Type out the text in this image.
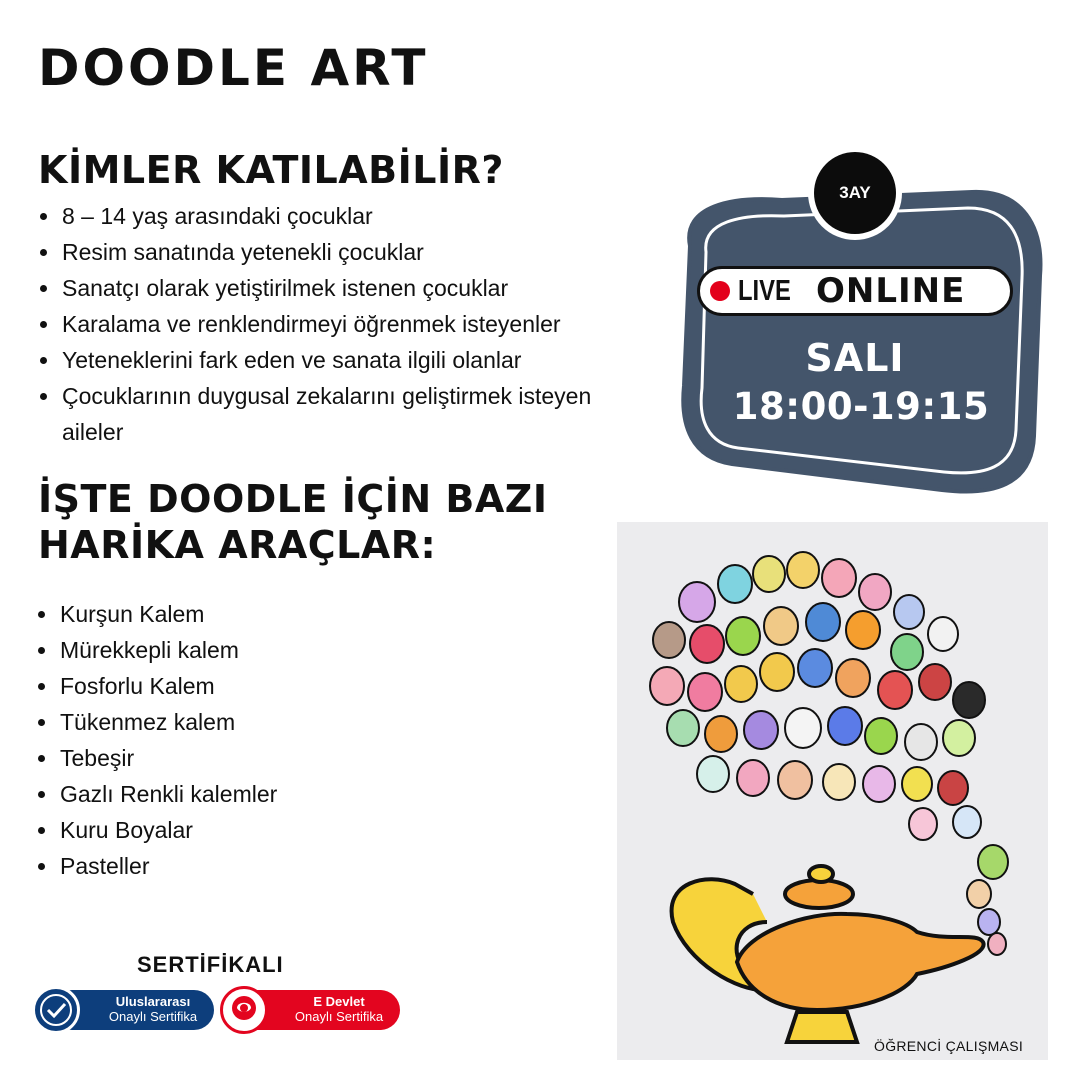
DOODLE ART
KİMLER KATILABİLİR?
8 – 14 yaş arasındaki çocuklar
Resim sanatında yetenekli çocuklar
Sanatçı olarak yetiştirilmek istenen çocuklar
Karalama ve renklendirmeyi öğrenmek isteyenler
Yeteneklerini fark eden ve sanata ilgili olanlar
Çocuklarının duygusal zekalarını geliştirmek isteyen aileler
İŞTE DOODLE İÇİN BAZI HARİKA ARAÇLAR:
Kurşun Kalem
Mürekkepli kalem
Fosforlu Kalem
Tükenmez kalem
Tebeşir
Gazlı Renkli kalemler
Kuru Boyalar
Pasteller
3AY
LIVE ONLINE
SALI
18:00-19:15
ÖĞRENCİ ÇALIŞMASI
SERTİFİKALI
Uluslararası
Onaylı Sertifika
E Devlet
Onaylı Sertifika
